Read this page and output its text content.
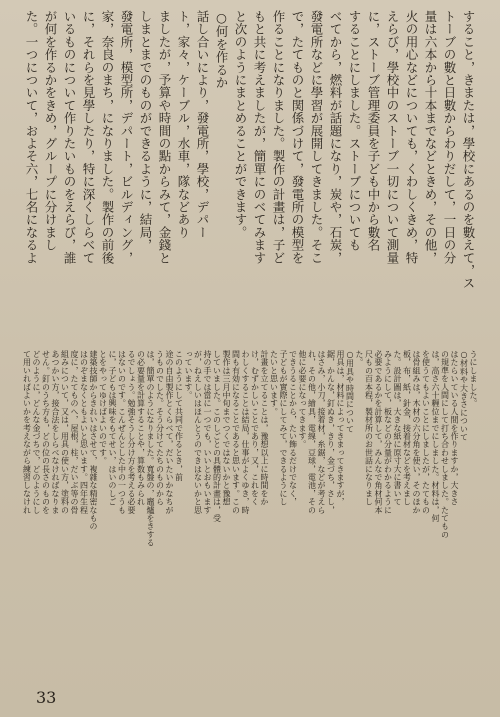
すること，きまたは，學校にあるのを數えて，ス
トーブの數と日數からわりだして，一日の分
量は六本から十本までなどときめ，その他，
火の用心などについても，くわしくきめ，特
えらび，學校中のストーブ一切について測量
に，ストーブ管理委員を子ども中から數名
することにしました。ストーブについても
ベてから，燃料が話題になり，炭や，石炭，
發電所などに學習が展開してきました。そこ
で，たてものと関係づけて，發電所の模型を
作ることになりました。製作の計畫は，子ど
もと共に考えましたが，簡單にのベてみます
と次のようにまとめることができます。
○何を作るか
話し合いにより，發電所，學校，デパー
ト，家々，ケーブル，水車，隊などあり
ましたが，予算や時間の點からみて，金錢と
しまとまでのものができるように，結局，
發電所，模型所，デパート，ビルディング，
家，奈良のまち，になりました。製作の前後
に，それらを見學したり，特に深くしらべて
いるものについて作りたいものをえらび，誰
が何を作るかをきめ，グループに分けまし
た。一つについて，およそ六，七名になるよ
うにしました。
○材料や大きさについて
はたらいている人間を作りますか，大きさ
の規準を人間にして打ち合わせしました。たてもの
は，高さ六十糎位までにしました。材料は，何
を使うてもよいことにしましたが，たてもの
は骨組みは，木材の六分角を使い，そのほか
板，布，紙，針金，接着材などを考えまし
た。設計圖は，大きな紙に原寸大に書いて
みようにして，板などの分量がわかるように
必要であるかを計算して，みんなで角材何本
尺もの百本程，製材所のお世話になりまし
た。
○用具や時間について
用具は，材料によってきまってきますが，
鋸，かんな，釘ぬき，きり，金づち，さし，
はさみ，小刀，接着材，糸鋸，などが考えら
れ，その他，繪具，電線，豆球，電池，その
他に必要になってきます。
できうることから，たい飾るだけでなく，
子どもが實際にしてみて，できるようにし
たいと思います。
計畫を立てることは，豫想以上に時間をか
け，むずかしいことであり，又，これをく
わしくすることは結局，仕事がよくゆき，時
間も有効になることであると思います。この
製作は三月中旬までつくではないかと豫想
していました。このしごとの具體的計畫は，受
持の手では當に一つでも，いいとおもいます
が，ねえしいはほんとうのできはないかと思
っています。
このようにして共同で作るとき，前
途の自由製作とくらべて，だいたいかなちが
うものでした。そう分けてたちのものから
は，簡單のようになりました。寬盤の，竈爐をきする
の必要量を計算することや，算数もみられ
るでしょう。勉強そうし分け方を考える必要
はないのです。こんぜんとした中の一つうも
に，子どもは興味をもてせい，はいのしご
とをやってゆけばよいのです。
建築技師からきれいはさせて，複雜な精密なもの
はのぞまなくともよいと思います。四年生程
度に，たてものへ，屋根，柱，だいぶ等の骨
組みについて，又は，用具の使い方，塗料の
あつかい方，接合法をしらべなければなりま
せん。釘のうち方も，どの位の長さのものを
どのように，どんな金づちで，どのようにし
て用いればよいかを考えながら練習しなけれ
33
